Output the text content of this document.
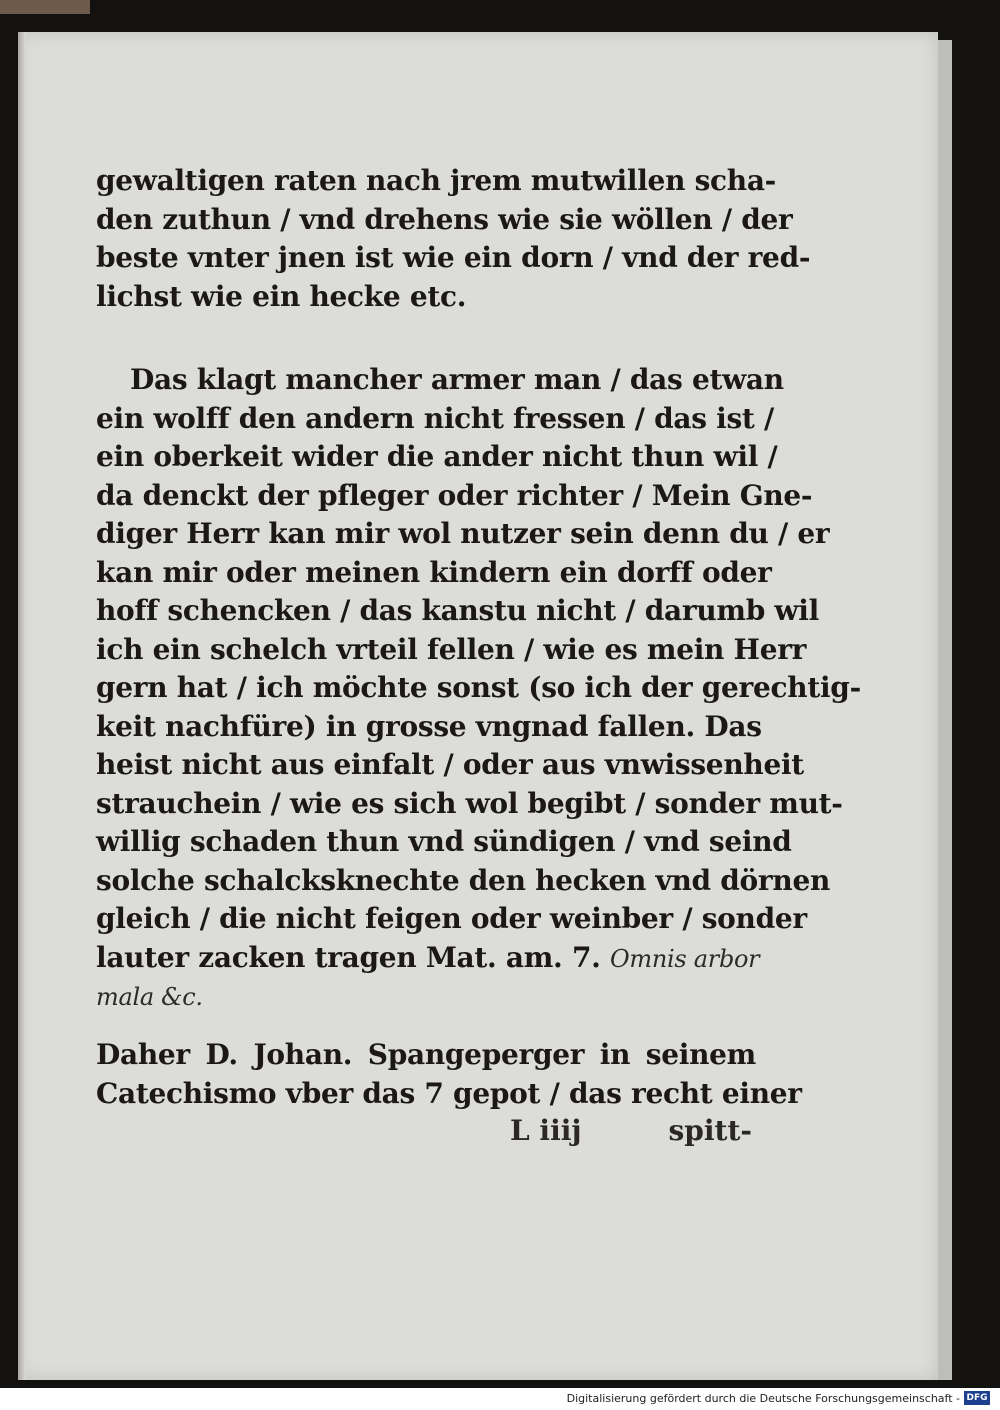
gewaltigen raten nach jrem mutwillen scha-
den zuthun / vnd drehens wie sie wöllen / der
beste vnter jnen ist wie ein dorn / vnd der red-
lichst wie ein hecke etc.
Das klagt mancher armer man / das etwan
ein wolff den andern nicht fressen / das ist /
ein oberkeit wider die ander nicht thun wil /
da denckt der pfleger oder richter / Mein Gne-
diger Herr kan mir wol nutzer sein denn du / er
kan mir oder meinen kindern ein dorff oder
hoff schencken / das kanstu nicht / darumb wil
ich ein schelch vrteil fellen / wie es mein Herr
gern hat / ich möchte sonst (so ich der gerechtig-
keit nachfüre) in grosse vngnad fallen. Das
heist nicht aus einfalt / oder aus vnwissenheit
strauchein / wie es sich wol begibt / sonder mut-
willig schaden thun vnd sündigen / vnd seind
solche schalcksknechte den hecken vnd dörnen
gleich / die nicht feigen oder weinber / sonder
lauter zacken tragen Mat. am. 7. Omnis arbor
mala &c.
Daher D. Johan. Spangeperger in seinem
Catechismo vber das 7 gepot / das recht einer
L iiij	spitt-
Digitalisierung gefördert durch die Deutsche Forschungsgemeinschaft - DFG
